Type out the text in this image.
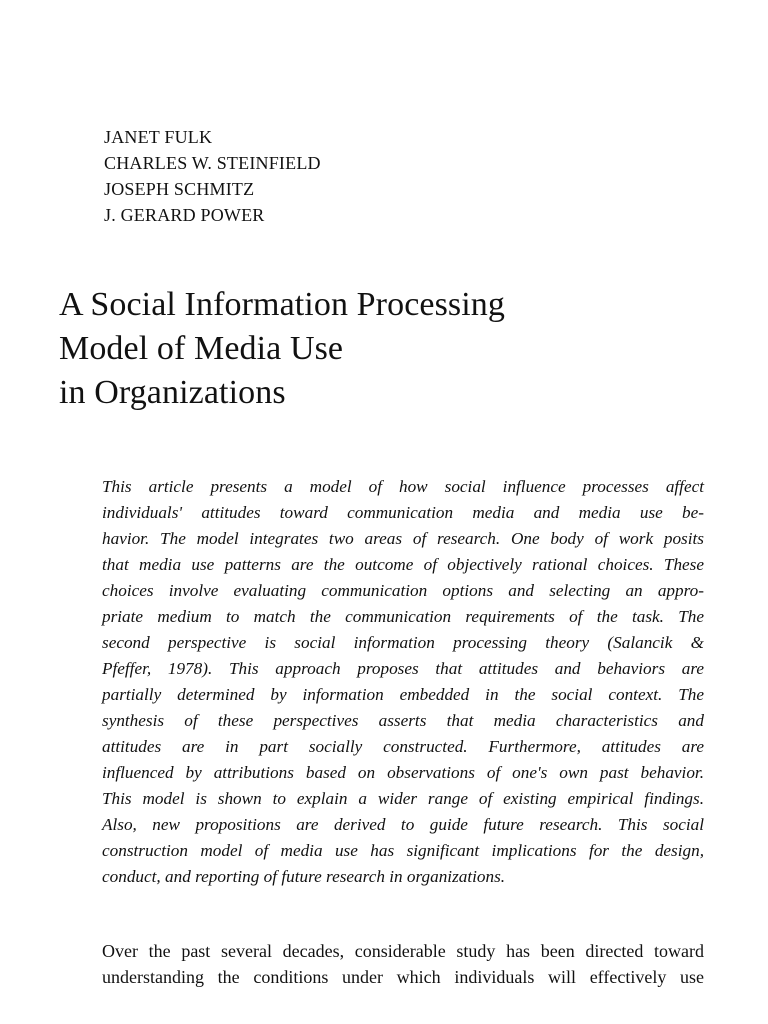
JANET FULK
CHARLES W. STEINFIELD
JOSEPH SCHMITZ
J. GERARD POWER
A Social Information Processing
Model of Media Use
in Organizations
This article presents a model of how social influence processes affect
individuals' attitudes toward communication media and media use be-
havior. The model integrates two areas of research. One body of work posits
that media use patterns are the outcome of objectively rational choices. These
choices involve evaluating communication options and selecting an appro-
priate medium to match the communication requirements of the task. The
second perspective is social information processing theory (Salancik &
Pfeffer, 1978). This approach proposes that attitudes and behaviors are
partially determined by information embedded in the social context. The
synthesis of these perspectives asserts that media characteristics and
attitudes are in part socially constructed. Furthermore, attitudes are
influenced by attributions based on observations of one's own past behavior.
This model is shown to explain a wider range of existing empirical findings.
Also, new propositions are derived to guide future research. This social
construction model of media use has significant implications for the design,
conduct, and reporting of future research in organizations.
Over the past several decades, considerable study has been directed toward
understanding the conditions under which individuals will effectively use
